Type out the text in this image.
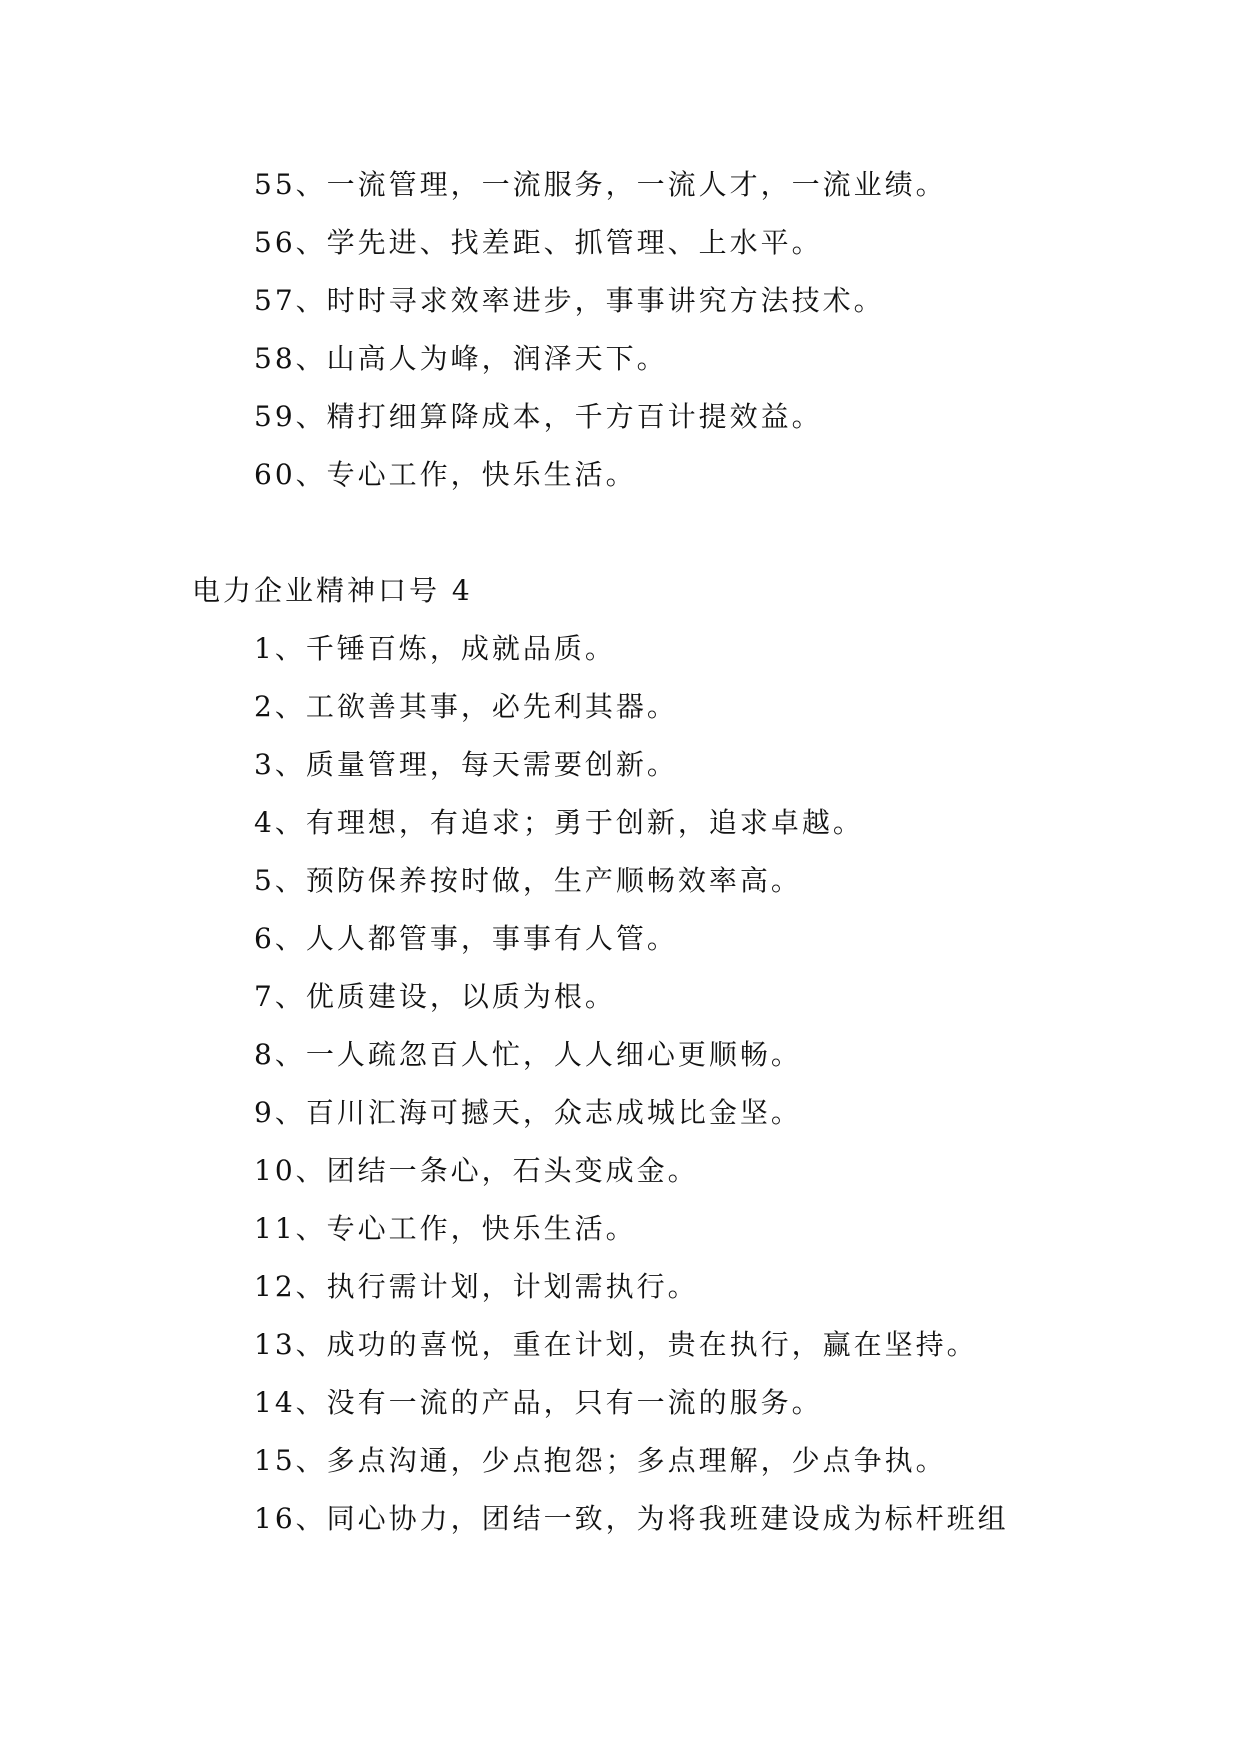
55、一流管理，一流服务，一流人才，一流业绩。
56、学先进、找差距、抓管理、上水平。
57、时时寻求效率进步，事事讲究方法技术。
58、山高人为峰，润泽天下。
59、精打细算降成本，千方百计提效益。
60、专心工作，快乐生活。
电力企业精神口号 4
1、千锤百炼，成就品质。
2、工欲善其事，必先利其器。
3、质量管理，每天需要创新。
4、有理想，有追求；勇于创新，追求卓越。
5、预防保养按时做，生产顺畅效率高。
6、人人都管事，事事有人管。
7、优质建设，以质为根。
8、一人疏忽百人忙，人人细心更顺畅。
9、百川汇海可撼天，众志成城比金坚。
10、团结一条心，石头变成金。
11、专心工作，快乐生活。
12、执行需计划，计划需执行。
13、成功的喜悦，重在计划，贵在执行，赢在坚持。
14、没有一流的产品，只有一流的服务。
15、多点沟通，少点抱怨；多点理解，少点争执。
16、同心协力，团结一致，为将我班建设成为标杆班组
